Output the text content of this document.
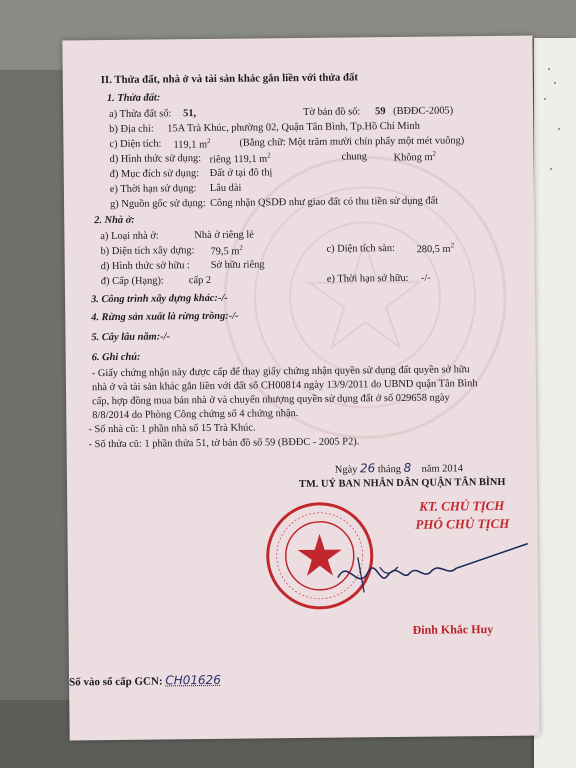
II. Thửa đất, nhà ở và tài sản khác gắn liền với thửa đất
1. Thửa đất:
a) Thửa đất số: 51,	Tờ bản đồ số: 59 (BĐĐC-2005)
b) Địa chỉ: 15A Trà Khúc, phường 02, Quận Tân Bình, Tp.Hồ Chí Minh
c) Diện tích: 119,1 $m^2$	(Bằng chữ: Một trăm mười chín phẩy một mét vuông)
d) Hình thức sử dụng: riêng 119,1 $m^2$	chung	Không $m^2$
đ) Mục đích sử dụng: Đất ở tại đô thị
e) Thời hạn sử dụng: Lâu dài
g) Nguồn gốc sử dụng: Công nhận QSDĐ như giao đất có thu tiền sử dụng đất
2. Nhà ở:
a) Loại nhà ở:	Nhà ở riêng lẻ
b) Diện tích xây dựng: 79,5 $m^2$	c) Diện tích sàn: 280,5 $m^2$
d) Hình thức sở hữu : Sở hữu riêng
đ) Cấp (Hạng): cấp 2	e) Thời hạn sở hữu: -/-
3. Công trình xây dựng khác:-/-
4. Rừng sản xuất là rừng trồng:-/-
5. Cây lâu năm:-/-
6. Ghi chú:
- Giấy chứng nhận này được cấp để thay giấy chứng nhận quyền sử dụng đất quyền sở hữu
nhà ở và tài sản khác gắn liền với đất số CH00814 ngày 13/9/2011 do UBND quận Tân Bình
cấp, hợp đồng mua bán nhà ở và chuyển nhượng quyền sử dụng đất ở số 029658 ngày
8/8/2014 do Phòng Công chứng số 4 chứng nhận.
- Số nhà cũ: 1 phần nhà số 15 Trà Khúc.
- Số thửa cũ: 1 phần thửa 51, tờ bản đồ số 59 (BĐĐC - 2005 P2).
Ngày 26 tháng 8 năm 2014
TM. UỶ BAN NHÂN DÂN QUẬN TÂN BÌNH
KT. CHỦ TỊCH
PHÓ CHỦ TỊCH
Đinh Khắc Huy
Số vào sổ cấp GCN: CH01626
